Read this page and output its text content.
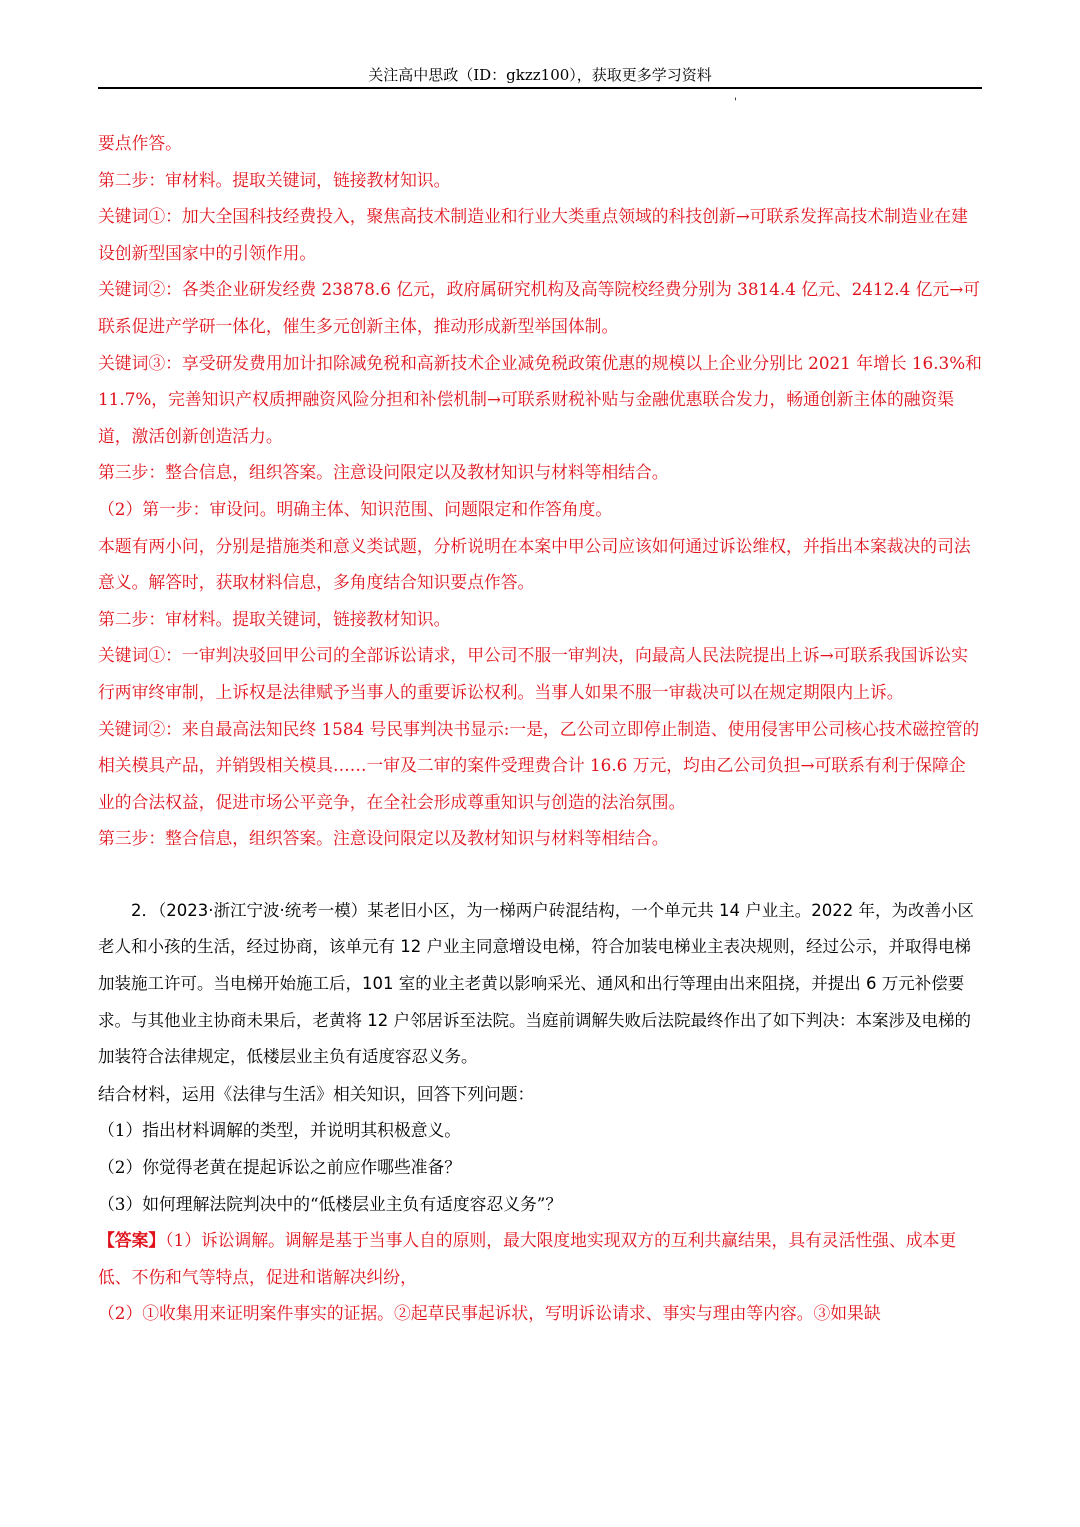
关注高中思政（ID：gkzz100），获取更多学习资料
'

要点作答。

第二步：审材料。提取关键词，链接教材知识。

关键词①：加大全国科技经费投入，聚焦高技术制造业和行业大类重点领域的科技创新→可联系发挥高技术制造业在建设创新型国家中的引领作用。

关键词②：各类企业研发经费 23878.6 亿元，政府属研究机构及高等院校经费分别为 3814.4 亿元、2412.4 亿元→可联系促进产学研一体化，催生多元创新主体，推动形成新型举国体制。

关键词③：享受研发费用加计扣除减免税和高新技术企业减免税政策优惠的规模以上企业分别比 2021 年增长 16.3%和 11.7%，完善知识产权质押融资风险分担和补偿机制→可联系财税补贴与金融优惠联合发力，畅通创新主体的融资渠道，激活创新创造活力。

第三步：整合信息，组织答案。注意设问限定以及教材知识与材料等相结合。

（2）第一步：审设问。明确主体、知识范围、问题限定和作答角度。

本题有两小问，分别是措施类和意义类试题，分析说明在本案中甲公司应该如何通过诉讼维权，并指出本案裁决的司法意义。解答时，获取材料信息，多角度结合知识要点作答。

第二步：审材料。提取关键词，链接教材知识。

关键词①：一审判决驳回甲公司的全部诉讼请求，甲公司不服一审判决，向最高人民法院提出上诉→可联系我国诉讼实行两审终审制，上诉权是法律赋予当事人的重要诉讼权利。当事人如果不服一审裁决可以在规定期限内上诉。

关键词②：来自最高法知民终 1584 号民事判决书显示:一是，乙公司立即停止制造、使用侵害甲公司核心技术磁控管的相关模具产品，并销毁相关模具……一审及二审的案件受理费合计 16.6 万元，均由乙公司负担→可联系有利于保障企业的合法权益，促进市场公平竞争，在全社会形成尊重知识与创造的法治氛围。

第三步：整合信息，组织答案。注意设问限定以及教材知识与材料等相结合。

2．（2023·浙江宁波·统考一模）某老旧小区，为一梯两户砖混结构，一个单元共 14 户业主。2022 年，为改善小区老人和小孩的生活，经过协商，该单元有 12 户业主同意增设电梯，符合加装电梯业主表决规则，经过公示，并取得电梯加装施工许可。当电梯开始施工后，101 室的业主老黄以影响采光、通风和出行等理由出来阻挠，并提出 6 万元补偿要求。与其他业主协商未果后，老黄将 12 户邻居诉至法院。当庭前调解失败后法院最终作出了如下判决：本案涉及电梯的加装符合法律规定，低楼层业主负有适度容忍义务。

结合材料，运用《法律与生活》相关知识，回答下列问题：

（1）指出材料调解的类型，并说明其积极意义。

（2）你觉得老黄在提起诉讼之前应作哪些准备？

（3）如何理解法院判决中的“低楼层业主负有适度容忍义务”？

【答案】（1）诉讼调解。调解是基于当事人自的原则，最大限度地实现双方的互利共赢结果，具有灵活性强、成本更低、不伤和气等特点，促进和谐解决纠纷，

（2）①收集用来证明案件事实的证据。②起草民事起诉状，写明诉讼请求、事实与理由等内容。③如果缺
